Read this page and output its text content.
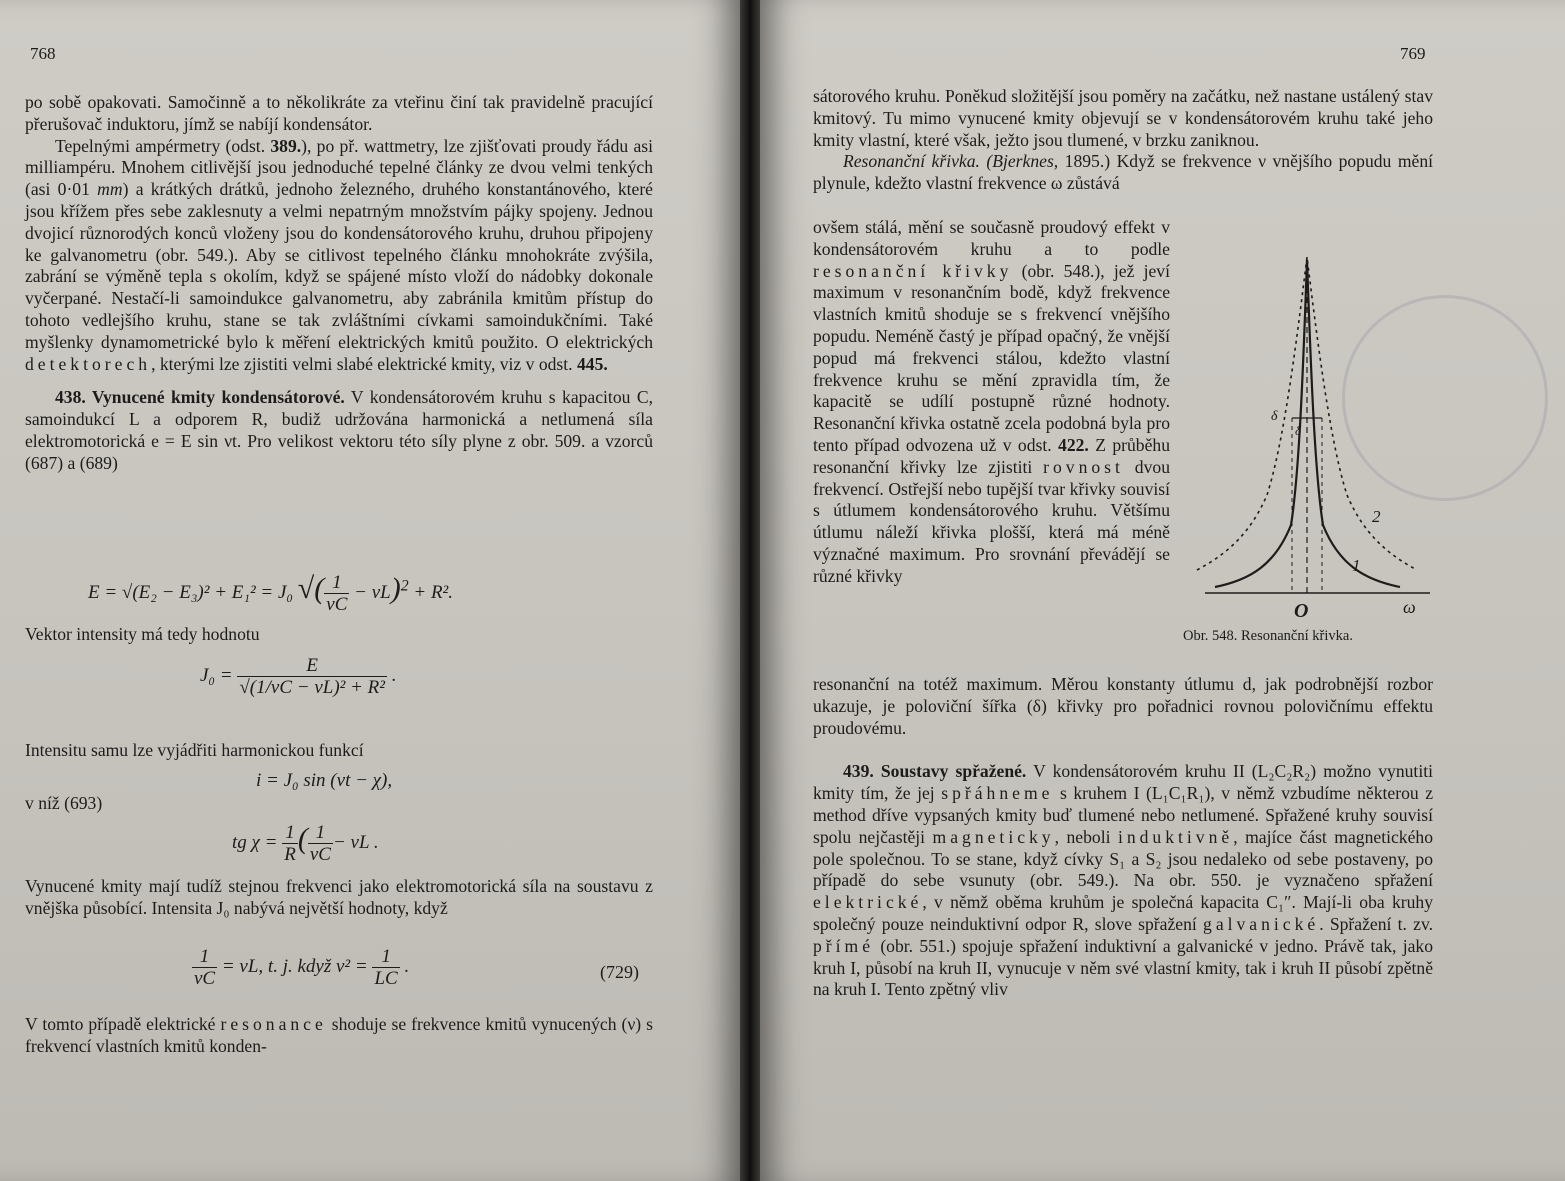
768

po sobě opakovati. Samočinně a to několikráte za vteřinu činí tak pravidelně pracující přerušovač induktoru, jímž se nabíjí kondensátor.

Tepelnými ampérmetry (odst. 389.), po př. wattmetry, lze zjišťovati proudy řádu asi milliampéru. Mnohem citlivější jsou jednoduché tepelné články ze dvou velmi tenkých (asi 0·01 mm) a krátkých drátků, jednoho železného, druhého konstantánového, které jsou křížem přes sebe zaklesnuty a velmi nepatrným množstvím pájky spojeny. Jednou dvojicí různorodých konců vloženy jsou do kondensátorového kruhu, druhou připojeny ke galvanometru (obr. 549.). Aby se citlivost tepelného článku mnohokráte zvýšila, zabrání se výměně tepla s okolím, když se spájené místo vloží do nádobky dokonale vyčerpané. Nestačí-li samoindukce galvanometru, aby zabránila kmitům přístup do tohoto vedlejšího kruhu, stane se tak zvláštními cívkami samoindukčními. Také myšlenky dynamometrické bylo k měření elektrických kmitů použito. O elektrických detektorech, kterými lze zjistiti velmi slabé elektrické kmity, viz v odst. 445.

438. Vynucené kmity kondensátorové. V kondensátorovém kruhu s kapacitou C, samoindukcí L a odporem R, budiž udržována harmonická a netlumená síla elektromotorická e = E sin νt. Pro velikost vektoru této síly plyne z obr. 509. a vzorců (687) a (689)

E = √(E₂ − E₃)² + E₁² = J₀ √( $\frac{1}{\nu C} - \nu L)^2 + R^2$.

Vektor intensity má tedy hodnotu

$J_0 = \frac{E}{\text{√(1/νC − νL)² + R²}}$ .

Intensitu samu lze vyjádřiti harmonickou funkcí

i = J₀ sin (νt − χ),

v níž (693)

tg $\chi = \frac{1}{R}$ ( $\frac{1}{\nu C} - \nu L$ .

Vynucené kmity mají tudíž stejnou frekvenci jako elektromotorická síla na soustavu z vnějška působící. Intensita J₀ nabývá největší hodnoty, když

$\frac{1}{\nu C} = \nu L$, t. j. když $\nu^2 = \frac{1}{LC}$ .	(729)

V tomto případě elektrické resonance shoduje se frekvence kmitů vynucených (ν) s frekvencí vlastních kmitů konden-

769

sátorového kruhu. Poněkud složitější jsou poměry na začátku, než nastane ustálený stav kmitový. Tu mimo vynucené kmity objevují se v kondensátorovém kruhu také jeho kmity vlastní, které však, ježto jsou tlumené, v brzku zaniknou.

Resonanční křivka. (Bjerknes, 1895.) Když se frekvence ν vnějšího popudu mění plynule, kdežto vlastní frekvence ω zůstává

ovšem stálá, mění se současně proudový effekt v kondensátorovém kruhu a to podle resonanční křivky (obr. 548.), jež jeví maximum v resonančním bodě, když frekvence vlastních kmitů shoduje se s frekvencí vnějšího popudu. Neméně častý je případ opačný, že vnější popud má frekvenci stálou, kdežto vlastní frekvence kruhu se mění zpravidla tím, že kapacitě se udílí postupně různé hodnoty. Resonanční křivka ostatně zcela podobná byla pro tento případ odvozena už v odst. 422. Z průběhu resonanční křivky lze zjistiti rovnost dvou frekvencí. Ostřejší nebo tupější tvar křivky souvisí s útlumem kondensátorového kruhu. Většímu útlumu náleží křivka plošší, která má méně význačné maximum. Pro srovnání převádějí se různé křivky

δ
δ
1
2
O	ω
Obr. 548. Resonanční křivka.

resonanční na totéž maximum. Měrou konstanty útlumu d, jak podrobnější rozbor ukazuje, je poloviční šířka (δ) křivky pro pořadnici rovnou polovičnímu effektu proudovému.

439. Soustavy spřažené. V kondensátorovém kruhu II (L₂C₂R₂) možno vynutiti kmity tím, že jej spřáhneme s kruhem I (L₁C₁R₁), v němž vzbudíme některou z method dříve vypsaných kmity buď tlumené nebo netlumené. Spřažené kruhy souvisí spolu nejčastěji magneticky, neboli induktivně, majíce část magnetického pole společnou. To se stane, když cívky S₁ a S₂ jsou nedaleko od sebe postaveny, po případě do sebe vsunuty (obr. 549.). Na obr. 550. je vyznačeno spřažení elektrické, v němž oběma kruhům je společná kapacita C₁″. Mají-li oba kruhy společný pouze neinduktivní odpor R, slove spřažení galvanické. Spřažení t. zv. přímé (obr. 551.) spojuje spřažení induktivní a galvanické v jedno. Právě tak, jako kruh I, působí na kruh II, vynucuje v něm své vlastní kmity, tak i kruh II působí zpětně na kruh I. Tento zpětný vliv
